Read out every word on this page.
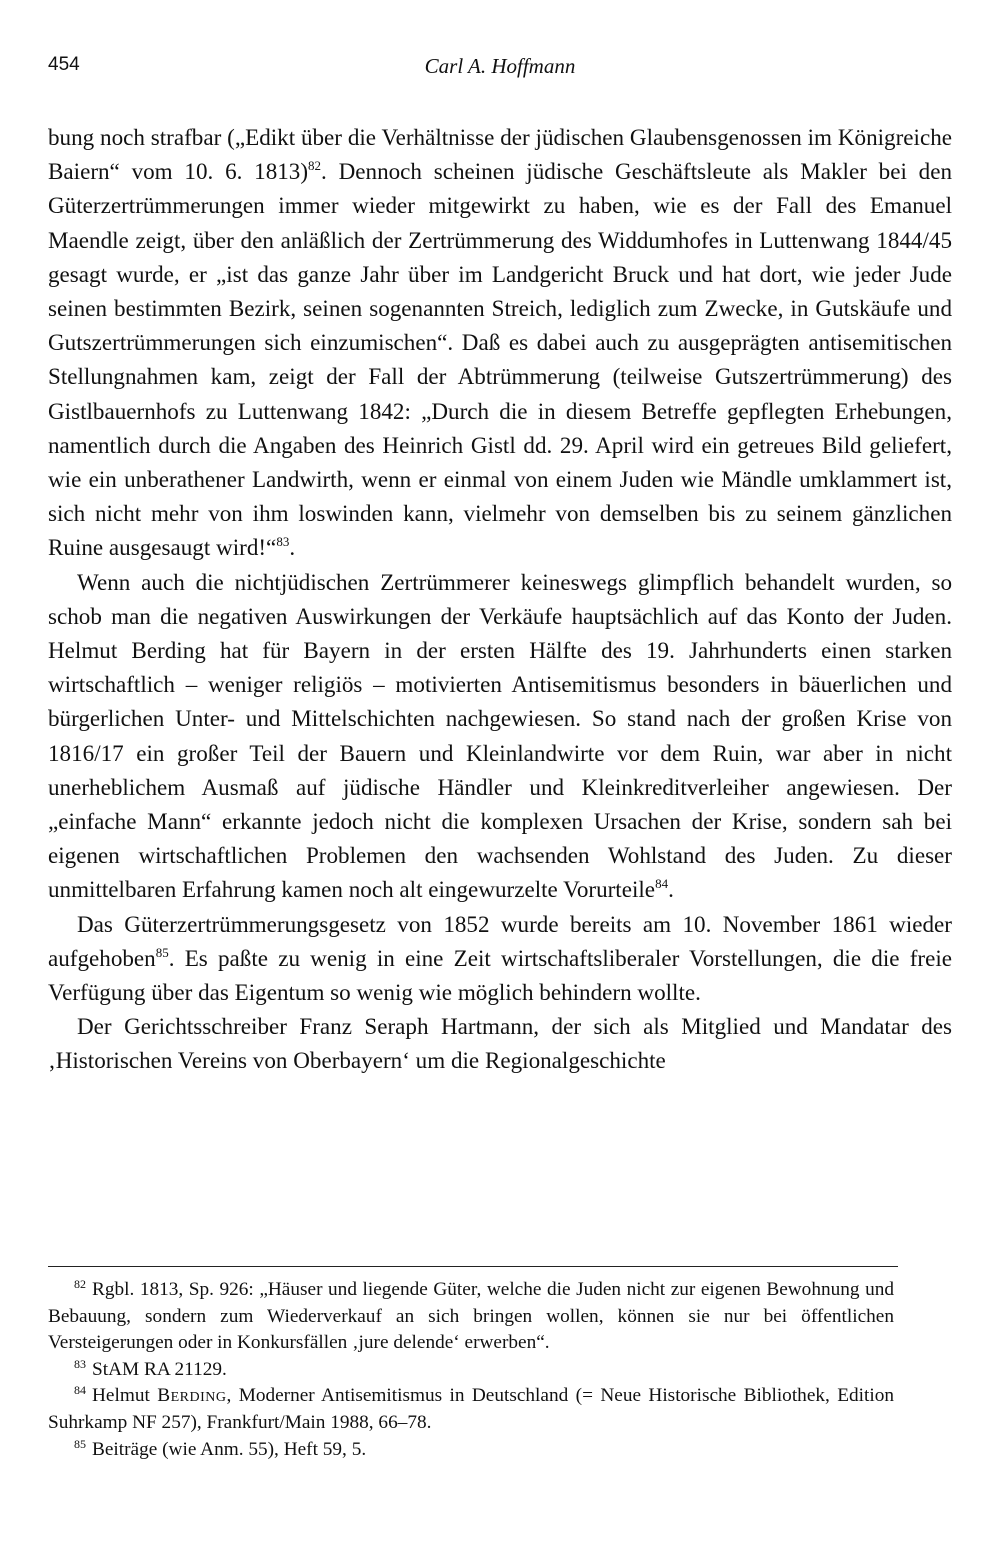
454	Carl A. Hoffmann

bung noch strafbar („Edikt über die Verhältnisse der jüdischen Glaubensgenossen im Königreiche Baiern“ vom 10. 6. 1813)$^{82}$. Dennoch scheinen jüdische Geschäftsleute als Makler bei den Güterzertrümmerungen immer wieder mitgewirkt zu haben, wie es der Fall des Emanuel Maendle zeigt, über den anläßlich der Zertrümmerung des Widdumhofes in Luttenwang 1844/45 gesagt wurde, er „ist das ganze Jahr über im Landgericht Bruck und hat dort, wie jeder Jude seinen bestimmten Bezirk, seinen sogenannten Streich, lediglich zum Zwecke, in Gutskäufe und Gutszertrümmerungen sich einzumischen“. Daß es dabei auch zu ausgeprägten antisemitischen Stellungnahmen kam, zeigt der Fall der Abtrümmerung (teilweise Gutszertrümmerung) des Gistlbauernhofs zu Luttenwang 1842: „Durch die in diesem Betreffe gepflegten Erhebungen, namentlich durch die Angaben des Heinrich Gistl dd. 29. April wird ein getreues Bild geliefert, wie ein unberathener Landwirth, wenn er einmal von einem Juden wie Mändle umklammert ist, sich nicht mehr von ihm loswinden kann, vielmehr von demselben bis zu seinem gänzlichen Ruine ausgesaugt wird!“$^{83}$.

Wenn auch die nichtjüdischen Zertrümmerer keineswegs glimpflich behandelt wurden, so schob man die negativen Auswirkungen der Verkäufe hauptsächlich auf das Konto der Juden. Helmut Berding hat für Bayern in der ersten Hälfte des 19. Jahrhunderts einen starken wirtschaftlich – weniger religiös – motivierten Antisemitismus besonders in bäuerlichen und bürgerlichen Unter- und Mittelschichten nachgewiesen. So stand nach der großen Krise von 1816/17 ein großer Teil der Bauern und Kleinlandwirte vor dem Ruin, war aber in nicht unerheblichem Ausmaß auf jüdische Händler und Kleinkreditverleiher angewiesen. Der „einfache Mann“ erkannte jedoch nicht die komplexen Ursachen der Krise, sondern sah bei eigenen wirtschaftlichen Problemen den wachsenden Wohlstand des Juden. Zu dieser unmittelbaren Erfahrung kamen noch alt eingewurzelte Vorurteile$^{84}$.

Das Güterzertrümmerungsgesetz von 1852 wurde bereits am 10. November 1861 wieder aufgehoben$^{85}$. Es paßte zu wenig in eine Zeit wirtschaftsliberaler Vorstellungen, die die freie Verfügung über das Eigentum so wenig wie möglich behindern wollte.

Der Gerichtsschreiber Franz Seraph Hartmann, der sich als Mitglied und Mandatar des ‚Historischen Vereins von Oberbayern‘ um die Regionalgeschichte

$^{82}$ Rgbl. 1813, Sp. 926: „Häuser und liegende Güter, welche die Juden nicht zur eigenen Bewohnung und Bebauung, sondern zum Wiederverkauf an sich bringen wollen, können sie nur bei öffentlichen Versteigerungen oder in Konkursfällen ‚jure delende‘ erwerben“.

$^{83}$ StAM RA 21129.

$^{84}$ Helmut Berding, Moderner Antisemitismus in Deutschland (= Neue Historische Bibliothek, Edition Suhrkamp NF 257), Frankfurt/Main 1988, 66–78.

$^{85}$ Beiträge (wie Anm. 55), Heft 59, 5.
